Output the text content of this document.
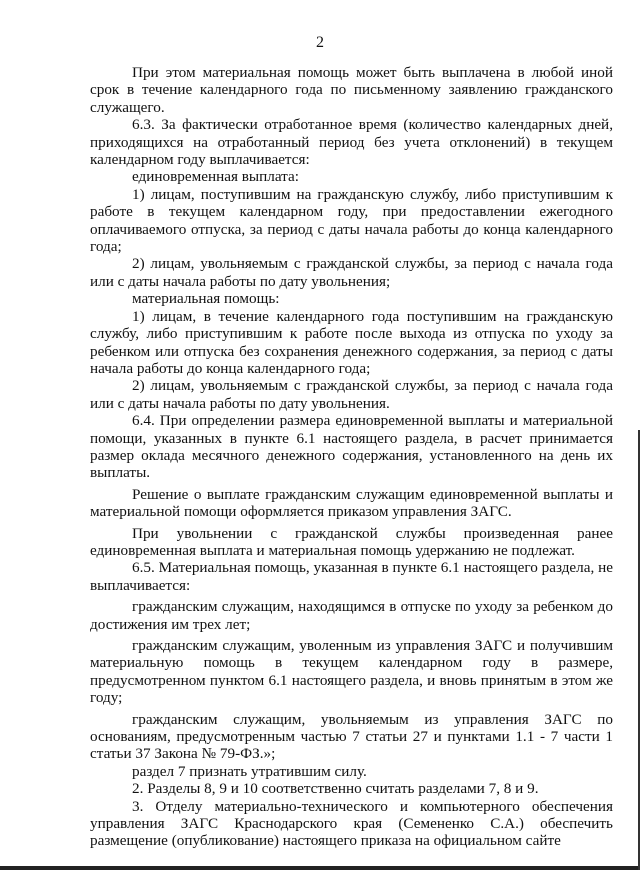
2

При этом материальная помощь может быть выплачена в любой иной срок в течение календарного года по письменному заявлению гражданского служащего.

6.3. За фактически отработанное время (количество календарных дней, приходящихся на отработанный период без учета отклонений) в текущем календарном году выплачивается:

единовременная выплата:

1) лицам, поступившим на гражданскую службу, либо приступившим к работе в текущем календарном году, при предоставлении ежегодного оплачиваемого отпуска, за период с даты начала работы до конца календарного года;

2) лицам, увольняемым с гражданской службы, за период с начала года или с даты начала работы по дату увольнения;

материальная помощь:

1) лицам, в течение календарного года поступившим на гражданскую службу, либо приступившим к работе после выхода из отпуска по уходу за ребенком или отпуска без сохранения денежного содержания, за период с даты начала работы до конца календарного года;

2) лицам, увольняемым с гражданской службы, за период с начала года или с даты начала работы по дату увольнения.

6.4. При определении размера единовременной выплаты и материальной помощи, указанных в пункте 6.1 настоящего раздела, в расчет принимается размер оклада месячного денежного содержания, установленного на день их выплаты.

Решение о выплате гражданским служащим единовременной выплаты и материальной помощи оформляется приказом управления ЗАГС.

При увольнении с гражданской службы произведенная ранее единовременная выплата и материальная помощь удержанию не подлежат.

6.5. Материальная помощь, указанная в пункте 6.1 настоящего раздела, не выплачивается:

гражданским служащим, находящимся в отпуске по уходу за ребенком до достижения им трех лет;

гражданским служащим, уволенным из управления ЗАГС и получившим материальную помощь в текущем календарном году в размере, предусмотренном пунктом 6.1 настоящего раздела, и вновь принятым в этом же году;

гражданским служащим, увольняемым из управления ЗАГС по основаниям, предусмотренным частью 7 статьи 27 и пунктами 1.1 - 7 части 1 статьи 37 Закона № 79-ФЗ.»;

раздел 7 признать утратившим силу.

2. Разделы 8, 9 и 10 соответственно считать разделами 7, 8 и 9.

3. Отделу материально-технического и компьютерного обеспечения управления ЗАГС Краснодарского края (Семененко С.А.) обеспечить размещение (опубликование) настоящего приказа на официальном сайте
